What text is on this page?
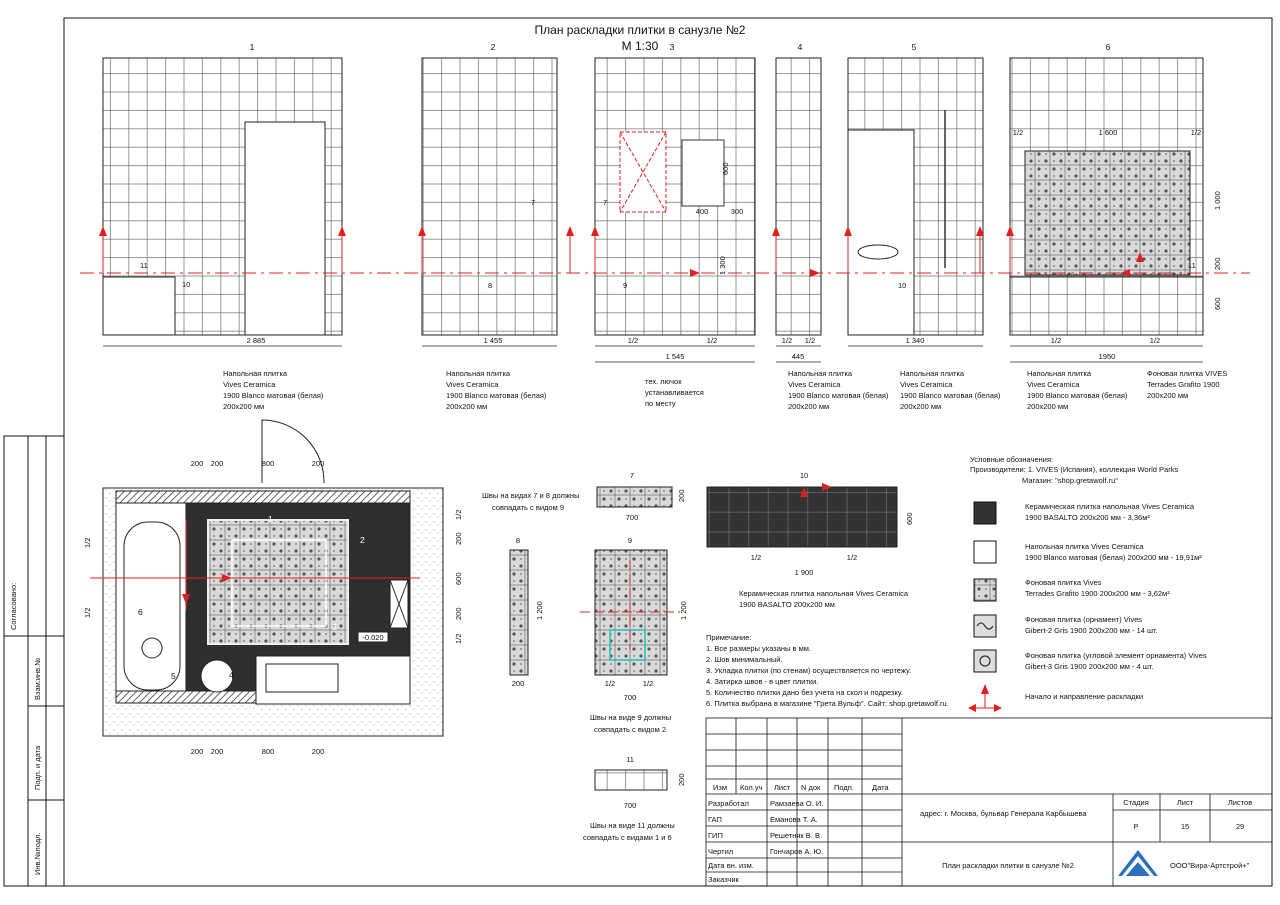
План раскладки плитки в санузле №2
М 1:30
1	2	3	4	5	6
11
10
7
8
7
9	10
11
400	300
600
1 300
1/2	1 600	1/2
1 000
200
600
2 885	1 455	1/2	1/2
1 545
1/2 1/2
445
1 340	1/2	1/2
1950
Напольная плитка
Vives Ceramica
1900 Blanco матовая (белая)
200х200 мм
Напольная плитка
Vives Ceramica
1900 Blanco матовая (белая)
200х200 мм
тех. лючок
устанавливается
по месту
Напольная плитка
Vives Ceramica
1900 Blanco матовая (белая)
200х200 мм
Напольная плитка
Vives Ceramica
1900 Blanco матовая (белая)
200х200 мм
Напольная плитка
Vives Ceramica
1900 Blanco матовая (белая)
200х200 мм
Фоновая плитка VIVES
Terrades Grafito 1900
200х200 мм
Согласовано:
Взам.инв.№
Подп. и дата
Инв.№подл.
1
2
3
4
5
6
-0.020
200 200	800	200
200 200	800	200
1/2
200
600
200
1/2
1/2
1/2
Швы на видах 7 и 8 должны
совпадать с видом 9
Швы на виде 9 должны
совпадать с видом 2
Швы на виде 11 должны
совпадать с видами 1 и 6
7
700
200
8
200
1 200
9
1/2	1/2
700
1 200
10
1/2	1/2
1 900
600
Керамическая плитка напольная Vives Ceramica
1900 BASALTO 200х200 мм
11
700
200
Условные обозначения:
Производители: 1. VIVES (Испания), коллекция World Parks
Магазин: "shop.gretawolf.ru"
Керамическая плитка напольная Vives Ceramica
1900 BASALTO 200х200 мм - 3,36м²
Напольная плитка Vives Ceramica
1900 Blanco матовая (белая) 200х200 мм - 19,91м²
Фоновая плитка Vives
Terrades Grafito 1900 200х200 мм - 3,62м²
Фоновая плитка (орнамент) Vives
Gibert-2 Gris 1900 200х200 мм - 14 шт.
Фоновая плитка (угловой элемент орнамента) Vives
Gibert-3 Gris 1900 200х200 мм - 4 шт.
Начало и направление раскладки
Примечание:
1. Все размеры указаны в мм.
2. Шов минимальный.
3. Укладка плитки (по стенам) осуществляется по чертежу.
4. Затирка швов - в цвет плитки.
5. Количество плитки дано без учета на скол и подрезку.
6. Плитка выбрана в магазине "Грета Вульф". Сайт: shop.gretawolf.ru.
Изм Кол.уч Лист N док Подп. Дата
Разработал	Рамзаева О. И.
ГАП	Еманова Т. А.
ГИП	Решетняк В. В.
Чертил	Гончаров А. Ю.
Дата вн. изм.
Заказчик
адрес: г. Москва, бульвар Генерала Карбышева
Стадия	Лист	Листов
Р	15	29
План раскладки плитки в санузле №2	ООО"Вира-Артстрой+"
